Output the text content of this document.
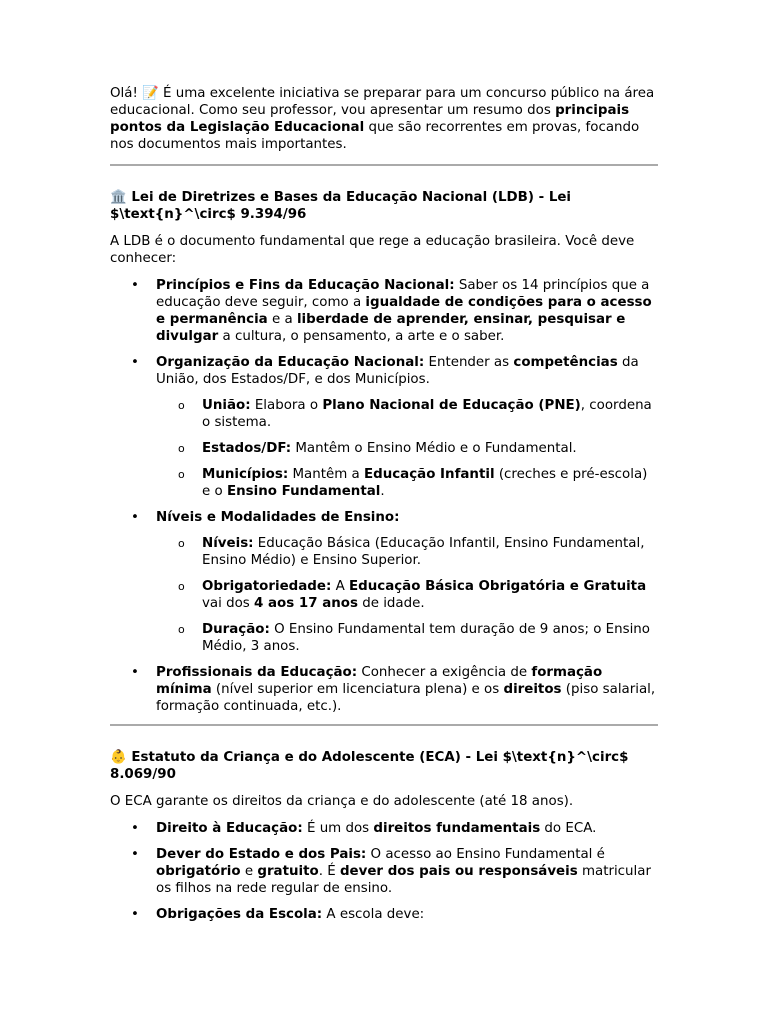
Olá! 📝 É uma excelente iniciativa se preparar para um concurso público na área educacional. Como seu professor, vou apresentar um resumo dos principais pontos da Legislação Educacional que são recorrentes em provas, focando nos documentos mais importantes.

🏛️ Lei de Diretrizes e Bases da Educação Nacional (LDB) - Lei $\text{n}^\circ$ 9.394/96

A LDB é o documento fundamental que rege a educação brasileira. Você deve conhecer:

• Princípios e Fins da Educação Nacional: Saber os 14 princípios que a educação deve seguir, como a igualdade de condições para o acesso e permanência e a liberdade de aprender, ensinar, pesquisar e divulgar a cultura, o pensamento, a arte e o saber.
• Organização da Educação Nacional: Entender as competências da União, dos Estados/DF, e dos Municípios.
o União: Elabora o Plano Nacional de Educação (PNE), coordena o sistema.
o Estados/DF: Mantêm o Ensino Médio e o Fundamental.
o Municípios: Mantêm a Educação Infantil (creches e pré-escola) e o Ensino Fundamental.
• Níveis e Modalidades de Ensino:
o Níveis: Educação Básica (Educação Infantil, Ensino Fundamental, Ensino Médio) e Ensino Superior.
o Obrigatoriedade: A Educação Básica Obrigatória e Gratuita vai dos 4 aos 17 anos de idade.
o Duração: O Ensino Fundamental tem duração de 9 anos; o Ensino Médio, 3 anos.
• Profissionais da Educação: Conhecer a exigência de formação mínima (nível superior em licenciatura plena) e os direitos (piso salarial, formação continuada, etc.).

👶 Estatuto da Criança e do Adolescente (ECA) - Lei $\text{n}^\circ$ 8.069/90

O ECA garante os direitos da criança e do adolescente (até 18 anos).

• Direito à Educação: É um dos direitos fundamentais do ECA.
• Dever do Estado e dos Pais: O acesso ao Ensino Fundamental é obrigatório e gratuito. É dever dos pais ou responsáveis matricular os filhos na rede regular de ensino.
• Obrigações da Escola: A escola deve:
